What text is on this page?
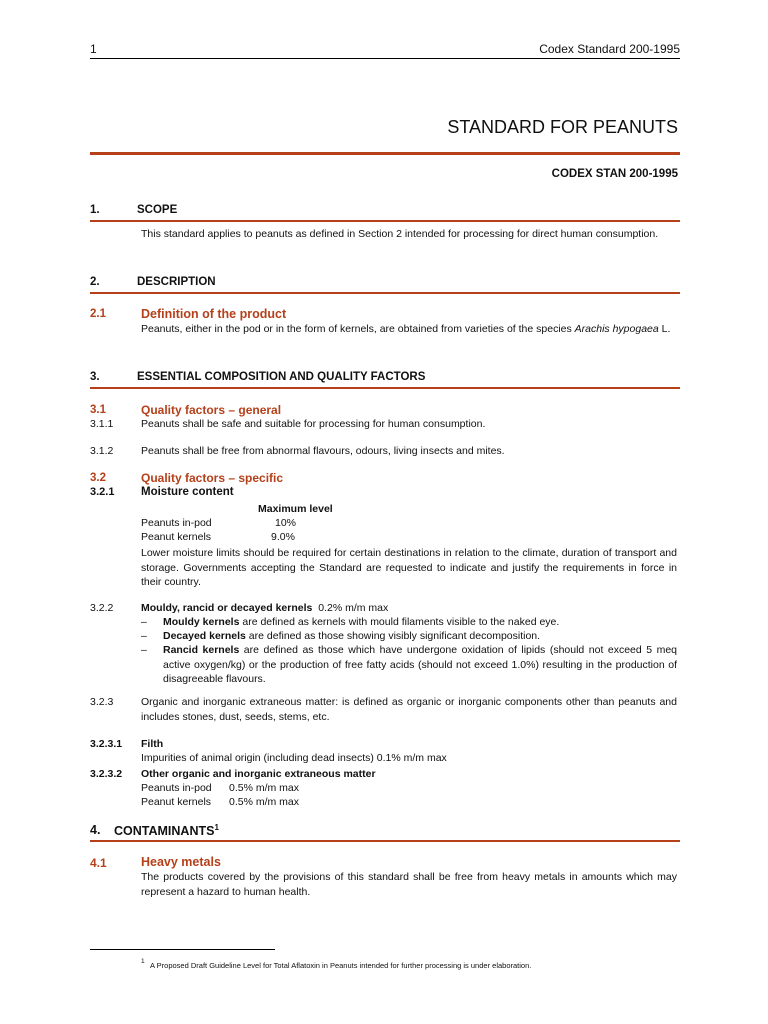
1	Codex Standard 200-1995
STANDARD FOR PEANUTS
CODEX STAN 200-1995
1.	SCOPE
This standard applies to peanuts as defined in Section 2 intended for processing for direct human consumption.
2.	DESCRIPTION
2.1	Definition of the product
Peanuts, either in the pod or in the form of kernels, are obtained from varieties of the species Arachis hypogaea L.
3.	ESSENTIAL COMPOSITION AND QUALITY FACTORS
3.1	Quality factors – general
3.1.1	Peanuts shall be safe and suitable for processing for human consumption.
3.1.2	Peanuts shall be free from abnormal flavours, odours, living insects and mites.
3.2	Quality factors – specific
3.2.1 Moisture content
Maximum level
Peanuts in-pod	10%
Peanut kernels	9.0%
Lower moisture limits should be required for certain destinations in relation to the climate, duration of transport and storage. Governments accepting the Standard are requested to indicate and justify the requirements in force in their country.
3.2.2	Mouldy, rancid or decayed kernels 0.2% m/m max
– Mouldy kernels are defined as kernels with mould filaments visible to the naked eye.
– Decayed kernels are defined as those showing visibly significant decomposition.
– Rancid kernels are defined as those which have undergone oxidation of lipids (should not exceed 5 meq active oxygen/kg) or the production of free fatty acids (should not exceed 1.0%) resulting in the production of disagreeable flavours.
3.2.3	Organic and inorganic extraneous matter: is defined as organic or inorganic components other than peanuts and includes stones, dust, seeds, stems, etc.
3.2.3.1 Filth
Impurities of animal origin (including dead insects) 0.1% m/m max
3.2.3.2 Other organic and inorganic extraneous matter
Peanuts in-pod 0.5% m/m max
Peanut kernels 0.5% m/m max
4. CONTAMINANTS$^1$
4.1	Heavy metals
The products covered by the provisions of this standard shall be free from heavy metals in amounts which may represent a hazard to human health.
1 A Proposed Draft Guideline Level for Total Aflatoxin in Peanuts intended for further processing is under elaboration.
